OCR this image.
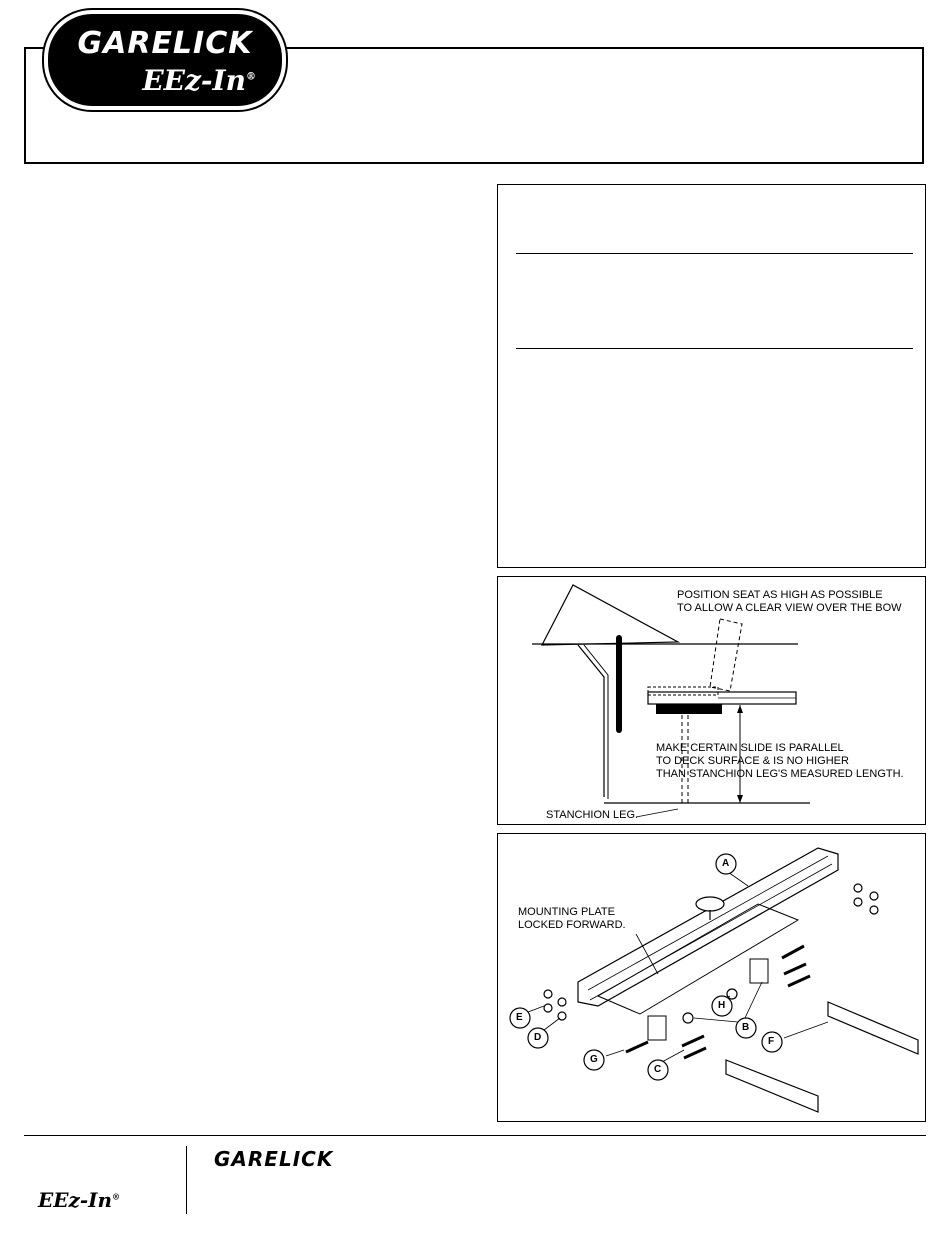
GARELICK
EEz-In®
POSITION SEAT AS HIGH AS POSSIBLE
TO ALLOW A CLEAR VIEW OVER THE BOW
MAKE CERTAIN SLIDE IS PARALLEL
TO DECK SURFACE & IS NO HIGHER
THAN STANCHION LEG'S MEASURED LENGTH.
STANCHION LEG.
MOUNTING PLATE
LOCKED FORWARD.
A
B
C
D
E
F
G
H
GARELICK
EEz-In®
